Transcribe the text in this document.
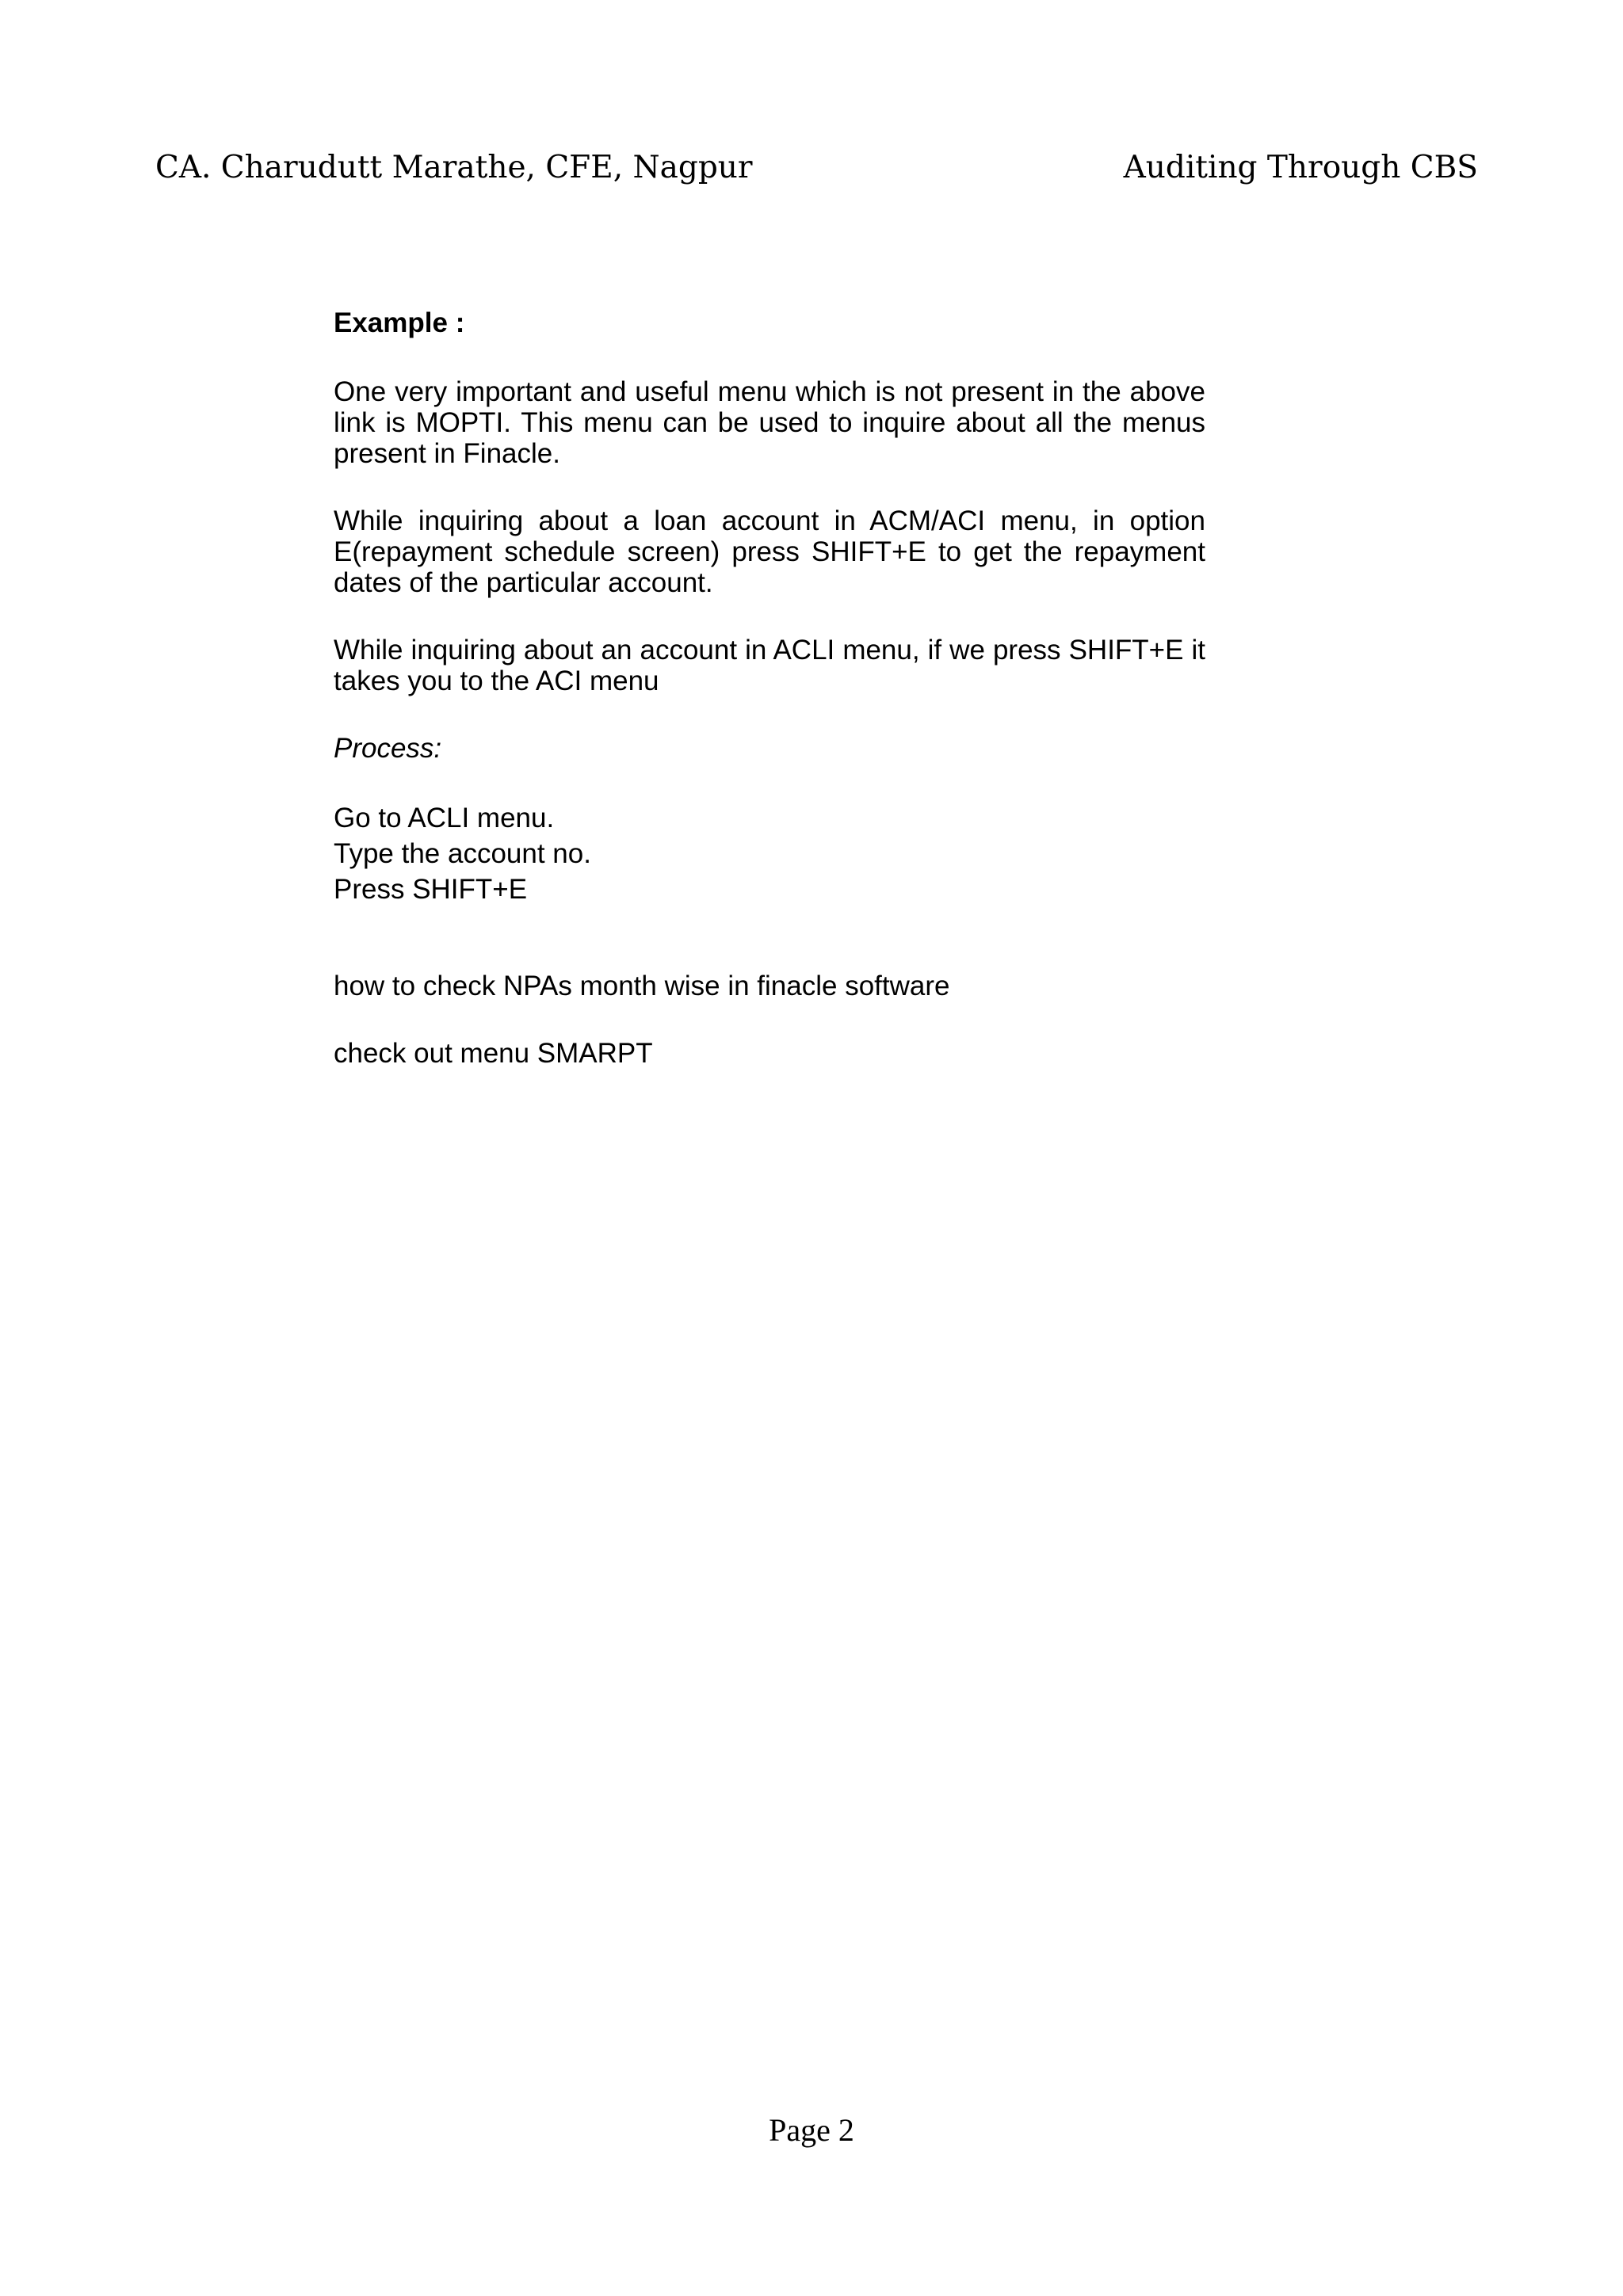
CA. Charudutt Marathe, CFE, Nagpur	Auditing Through CBS

Example :

One very important and useful menu which is not present in the above link is MOPTI. This menu can be used to inquire about all the menus present in Finacle.

While inquiring about a loan account in ACM/ACI menu, in option E(repayment schedule screen) press SHIFT+E to get the repayment dates of the particular account.

While inquiring about an account in ACLI menu, if we press SHIFT+E it takes you to the ACI menu

Process:

Go to ACLI menu.
Type the account no.
Press SHIFT+E

how to check NPAs month wise in finacle software

check out menu SMARPT

Page 2
